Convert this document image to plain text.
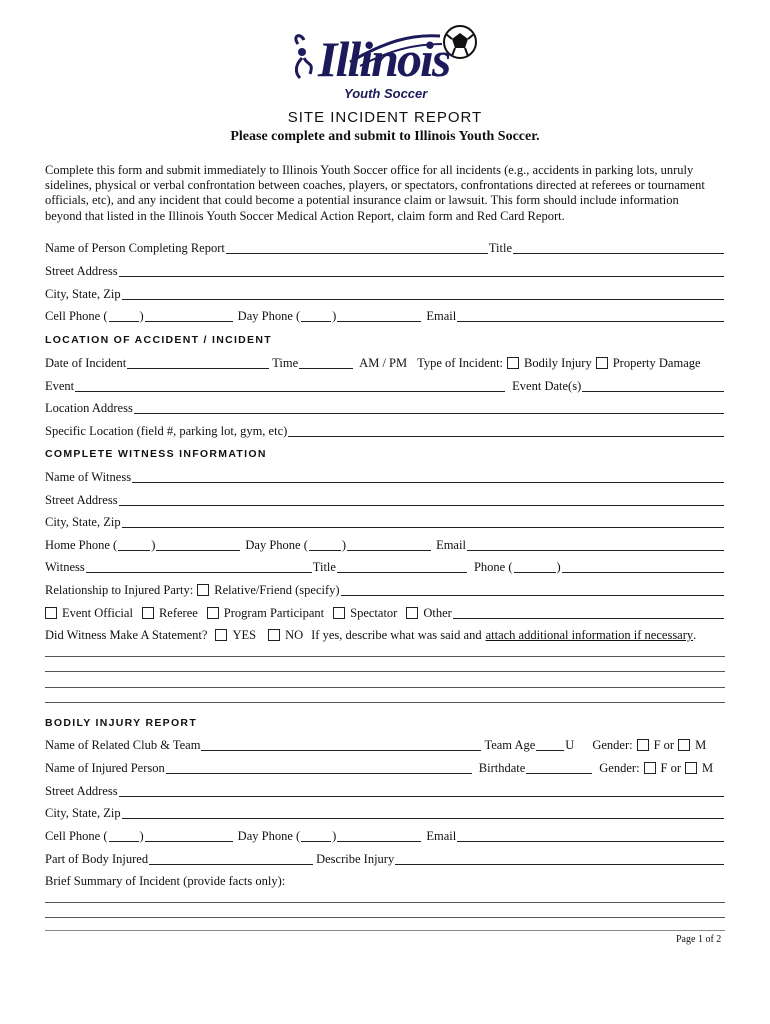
Illinois
Youth Soccer
SITE INCIDENT REPORT
Please complete and submit to Illinois Youth Soccer.
Complete this form and submit immediately to Illinois Youth Soccer office for all incidents (e.g., accidents in parking lots, unruly
sidelines, physical or verbal confrontation between coaches, players, or spectators, confrontations directed at referees or tournament
officials, etc), and any incident that could become a potential insurance claim or lawsuit. This form should include information
beyond that listed in the Illinois Youth Soccer Medical Action Report, claim form and Red Card Report.
Name of Person Completing Report	Title
Street Address
City, State, Zip
Cell Phone (	)	Day Phone (	)	Email
LOCATION OF ACCIDENT / INCIDENT
Date of Incident	Time	AM / PM Type of Incident: Bodily Injury Property Damage
Event	Event Date(s)
Location Address
Specific Location (field #, parking lot, gym, etc)
COMPLETE WITNESS INFORMATION
Name of Witness
Street Address
City, State, Zip
Home Phone (	)	Day Phone (	)	Email
Witness	Title	Phone (	)
Relationship to Injured Party: Relative/Friend (specify)
Event Official Referee Program Participant Spectator Other
Did Witness Make A Statement? YES NO If yes, describe what was said and attach additional information if necessary .
BODILY INJURY REPORT
Name of Related Club & Team	Team Age U Gender: F or M
Name of Injured Person	Birthdate	Gender: F or M
Street Address
City, State, Zip
Cell Phone (	)	Day Phone (	)	Email
Part of Body Injured	Describe Injury
Brief Summary of Incident (provide facts only):
Page 1 of 2
